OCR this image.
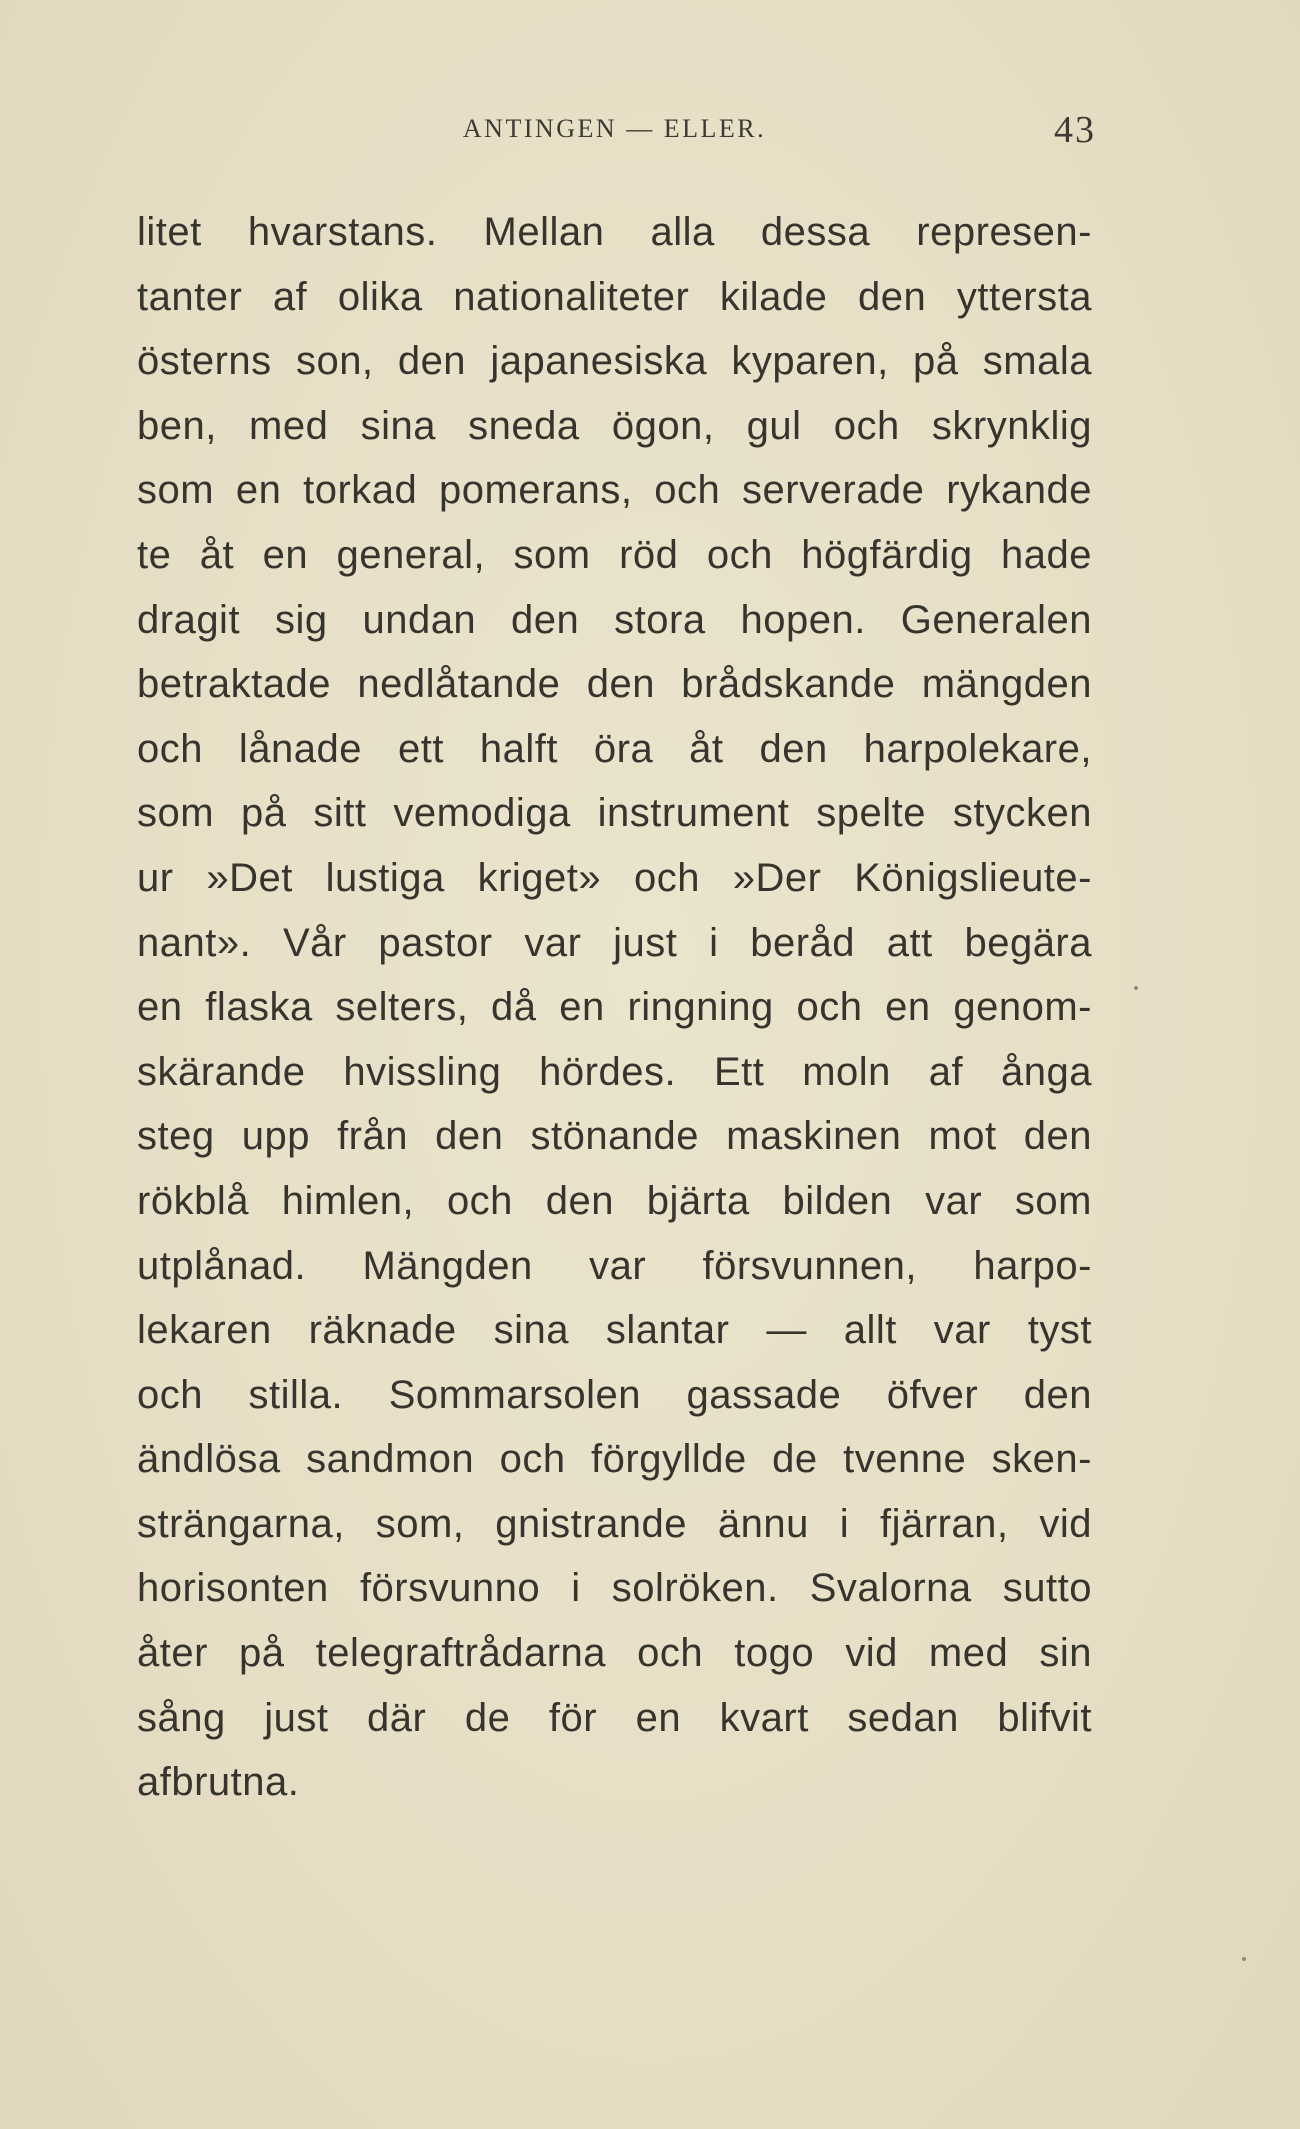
ANTINGEN — ELLER.	43
litet hvarstans. Mellan alla dessa represen-
tanter af olika nationaliteter kilade den yttersta
österns son, den japanesiska kyparen, på smala
ben, med sina sneda ögon, gul och skrynklig
som en torkad pomerans, och serverade rykande
te åt en general, som röd och högfärdig hade
dragit sig undan den stora hopen. Generalen
betraktade nedlåtande den brådskande mängden
och lånade ett halft öra åt den harpolekare,
som på sitt vemodiga instrument spelte stycken
ur »Det lustiga kriget» och »Der Königslieute-
nant». Vår pastor var just i beråd att begära
en flaska selters, då en ringning och en genom-
skärande hvissling hördes. Ett moln af ånga
steg upp från den stönande maskinen mot den
rökblå himlen, och den bjärta bilden var som
utplånad. Mängden var försvunnen, harpo-
lekaren räknade sina slantar — allt var tyst
och stilla. Sommarsolen gassade öfver den
ändlösa sandmon och förgyllde de tvenne sken-
strängarna, som, gnistrande ännu i fjärran, vid
horisonten försvunno i solröken. Svalorna sutto
åter på telegraftrådarna och togo vid med sin
sång just där de för en kvart sedan blifvit
afbrutna.
